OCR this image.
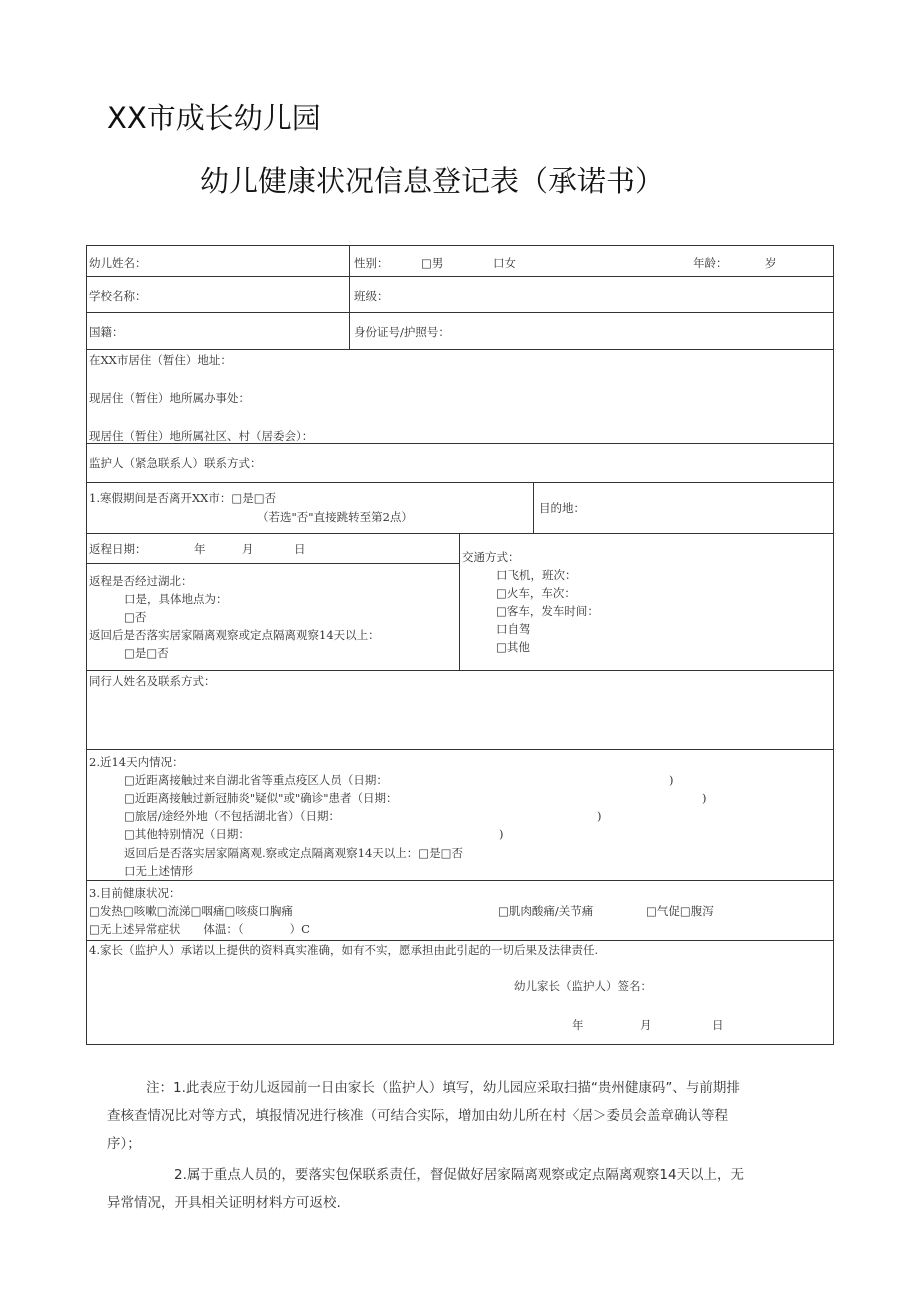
XX市成长幼儿园
幼儿健康状况信息登记表（承诺书）
幼儿姓名：	性别：	□男	口女	年龄：	岁
学校名称：	班级：
国籍：	身份证号/护照号：
在XX市居住（暂住）地址：
现居住（暂住）地所属办事处：
现居住（暂住）地所属社区、村（居委会）：
监护人（紧急联系人）联系方式：
1.寒假期间是否离开XX市：□是□否
（若选"否"直接跳转至第2点）
目的地：
返程日期：	年	月	日
返程是否经过湖北：
口是，具体地点为：
□否
返回后是否落实居家隔离观察或定点隔离观察14天以上：
□是□否
交通方式：
口飞机，班次：
□火车，车次：
□客车，发车时间：
口自驾
□其他
同行人姓名及联系方式：
2.近14天内情况：
□近距离接触过来自湖北省等重点疫区人员（日期：	)
□近距离接触过新冠肺炎"疑似"或"确诊"患者（日期：	)
□旅居/途经外地（不包括湖北省）（日期：	)
□其他特别情况（日期：	)
返回后是否落实居家隔离观.察或定点隔离观察14天以上：□是□否
口无上述情形
3.目前健康状况：
□发热□咳嗽□流涕□咽痛□咳痰口胸痛	□肌肉酸痛/关节痛	□气促□腹泻
□无上述异常症状　　体温：（　　　　）C
4.家长（监护人）承诺以上提供的资料真实准确，如有不实，愿承担由此引起的一切后果及法律责任.
幼儿家长（监护人）签名：
年	月	日
注：1.此表应于幼儿返园前一日由家长（监护人）填写，幼儿园应采取扫描“贵州健康码”、与前期排
查核查情况比对等方式，填报情况进行核准（可结合实际，增加由幼儿所在村〈居＞委员会盖章确认等程
序）；
2.属于重点人员的，要落实包保联系责任，督促做好居家隔离观察或定点隔离观察14天以上，无
异常情况，开具相关证明材料方可返校.
